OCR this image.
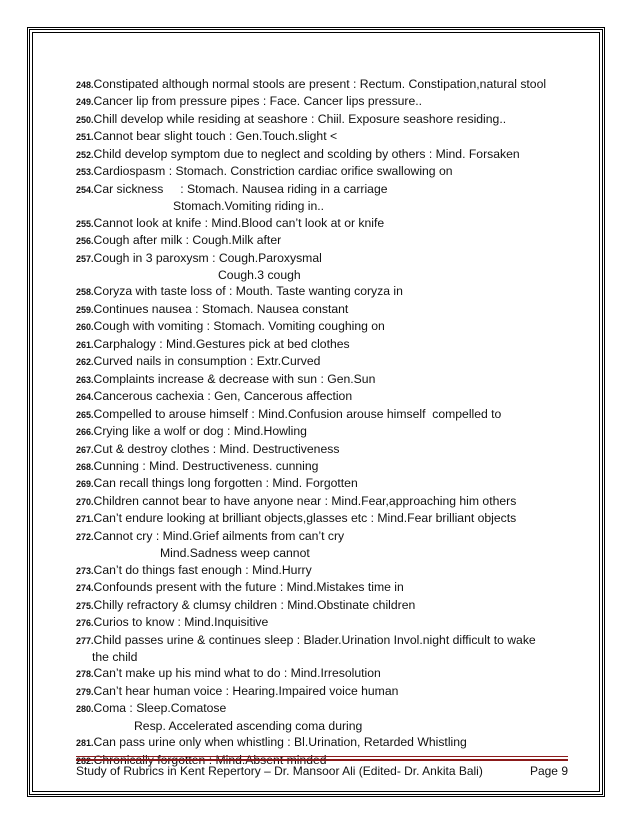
248.Constipated although normal stools are present : Rectum. Constipation,natural stool
249.Cancer lip from pressure pipes : Face. Cancer lips pressure..
250.Chill develop while residing at seashore : Chiil. Exposure seashore residing..
251.Cannot bear slight touch : Gen.Touch.slight <
252.Child develop symptom due to neglect and scolding by others : Mind. Forsaken
253.Cardiospasm : Stomach. Constriction cardiac orifice swallowing on
254.Car sickness     : Stomach. Nausea riding in a carriage
Stomach.Vomiting riding in..
255.Cannot look at knife : Mind.Blood can’t look at or knife
256.Cough after milk : Cough.Milk after
257.Cough in 3 paroxysm : Cough.Paroxysmal
Cough.3 cough
258.Coryza with taste loss of : Mouth. Taste wanting coryza in
259.Continues nausea : Stomach. Nausea constant
260.Cough with vomiting : Stomach. Vomiting coughing on
261.Carphalogy : Mind.Gestures pick at bed clothes
262.Curved nails in consumption : Extr.Curved
263.Complaints increase & decrease with sun : Gen.Sun
264.Cancerous cachexia : Gen, Cancerous affection
265.Compelled to arouse himself : Mind.Confusion arouse himself  compelled to
266.Crying like a wolf or dog : Mind.Howling
267.Cut & destroy clothes : Mind. Destructiveness
268.Cunning : Mind. Destructiveness. cunning
269.Can recall things long forgotten : Mind. Forgotten
270.Children cannot bear to have anyone near : Mind.Fear,approaching him others
271.Can’t endure looking at brilliant objects,glasses etc : Mind.Fear brilliant objects
272.Cannot cry : Mind.Grief ailments from can’t cry
Mind.Sadness weep cannot
273.Can’t do things fast enough : Mind.Hurry
274.Confounds present with the future : Mind.Mistakes time in
275.Chilly refractory & clumsy children : Mind.Obstinate children
276.Curios to know : Mind.Inquisitive
277.Child passes urine & continues sleep : Blader.Urination Invol.night difficult to wake
the child
278.Can’t make up his mind what to do : Mind.Irresolution
279.Can’t hear human voice : Hearing.Impaired voice human
280.Coma : Sleep.Comatose
Resp. Accelerated ascending coma during
281.Can pass urine only when whistling : Bl.Urination, Retarded Whistling
282.Chronically forgotten : Mind.Absent minded
Study of Rubrics in Kent Repertory – Dr. Mansoor Ali (Edited- Dr. Ankita Bali)	Page 9
